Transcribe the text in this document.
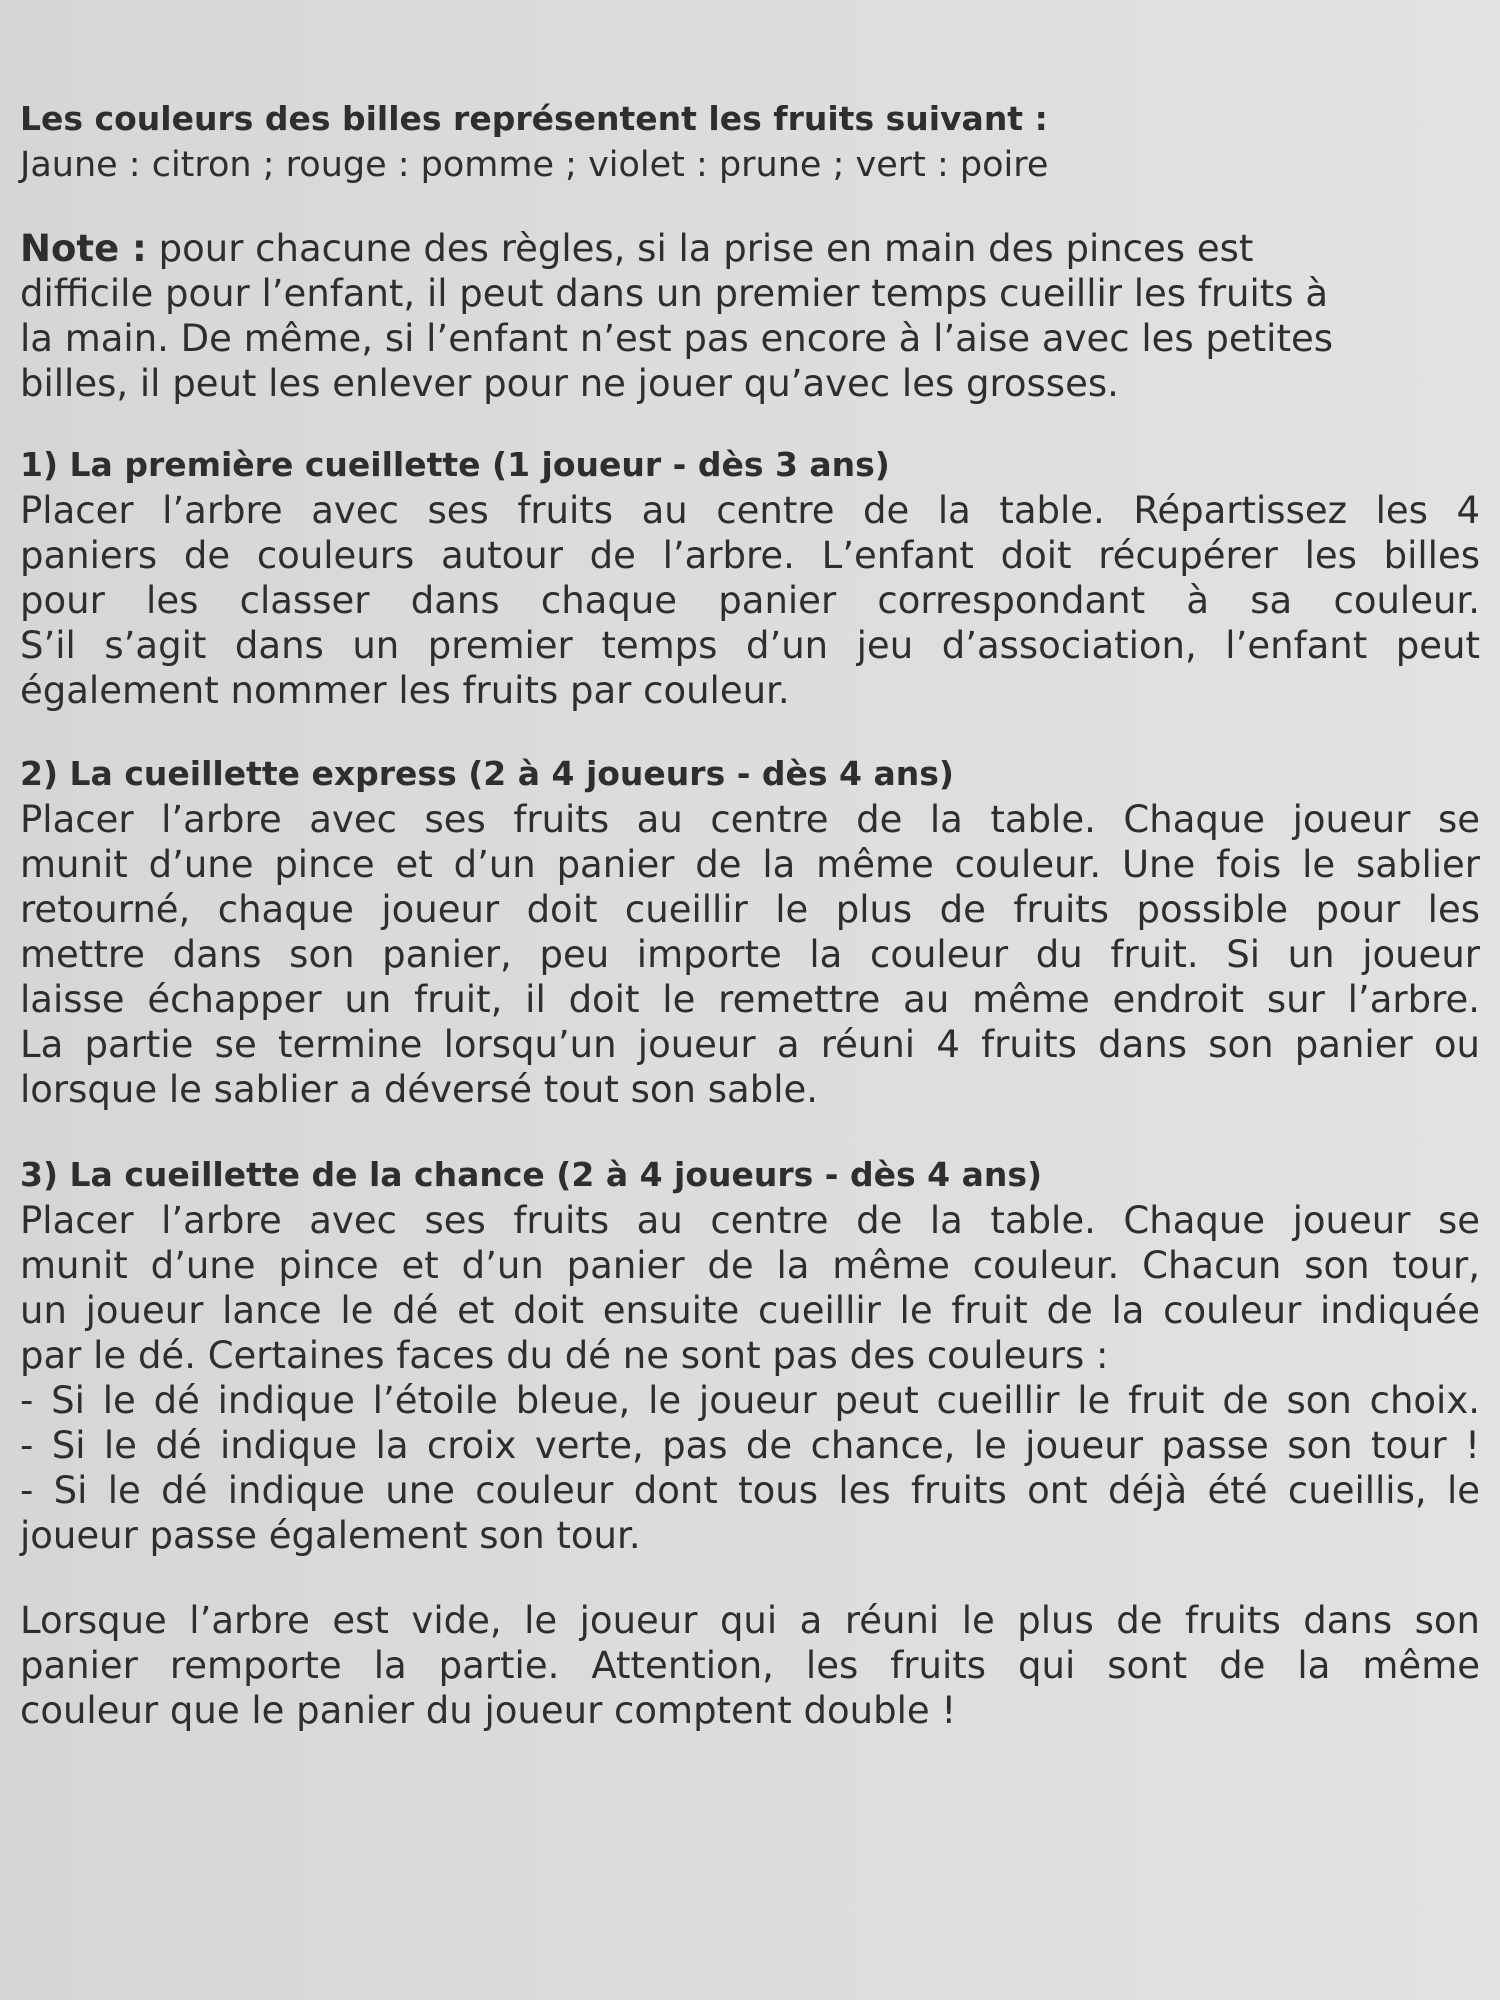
Les couleurs des billes représentent les fruits suivant :

Jaune : citron ; rouge : pomme ; violet : prune ; vert : poire

Note : pour chacune des règles, si la prise en main des pinces est

difficile pour l’enfant, il peut dans un premier temps cueillir les fruits à

la main. De même, si l’enfant n’est pas encore à l’aise avec les petites

billes, il peut les enlever pour ne jouer qu’avec les grosses.

1) La première cueillette (1 joueur - dès 3 ans)

Placer l’arbre avec ses fruits au centre de la table. Répartissez les 4

paniers de couleurs autour de l’arbre. L’enfant doit récupérer les billes

pour les classer dans chaque panier correspondant à sa couleur.

S’il s’agit dans un premier temps d’un jeu d’association, l’enfant peut

également nommer les fruits par couleur.

2) La cueillette express (2 à 4 joueurs - dès 4 ans)

Placer l’arbre avec ses fruits au centre de la table. Chaque joueur se

munit d’une pince et d’un panier de la même couleur. Une fois le sablier

retourné, chaque joueur doit cueillir le plus de fruits possible pour les

mettre dans son panier, peu importe la couleur du fruit. Si un joueur

laisse échapper un fruit, il doit le remettre au même endroit sur l’arbre.

La partie se termine lorsqu’un joueur a réuni 4 fruits dans son panier ou

lorsque le sablier a déversé tout son sable.

3) La cueillette de la chance (2 à 4 joueurs - dès 4 ans)

Placer l’arbre avec ses fruits au centre de la table. Chaque joueur se

munit d’une pince et d’un panier de la même couleur. Chacun son tour,

un joueur lance le dé et doit ensuite cueillir le fruit de la couleur indiquée

par le dé. Certaines faces du dé ne sont pas des couleurs :

- Si le dé indique l’étoile bleue, le joueur peut cueillir le fruit de son choix.

- Si le dé indique la croix verte, pas de chance, le joueur passe son tour !

- Si le dé indique une couleur dont tous les fruits ont déjà été cueillis, le

joueur passe également son tour.

Lorsque l’arbre est vide, le joueur qui a réuni le plus de fruits dans son

panier remporte la partie. Attention, les fruits qui sont de la même

couleur que le panier du joueur comptent double !
